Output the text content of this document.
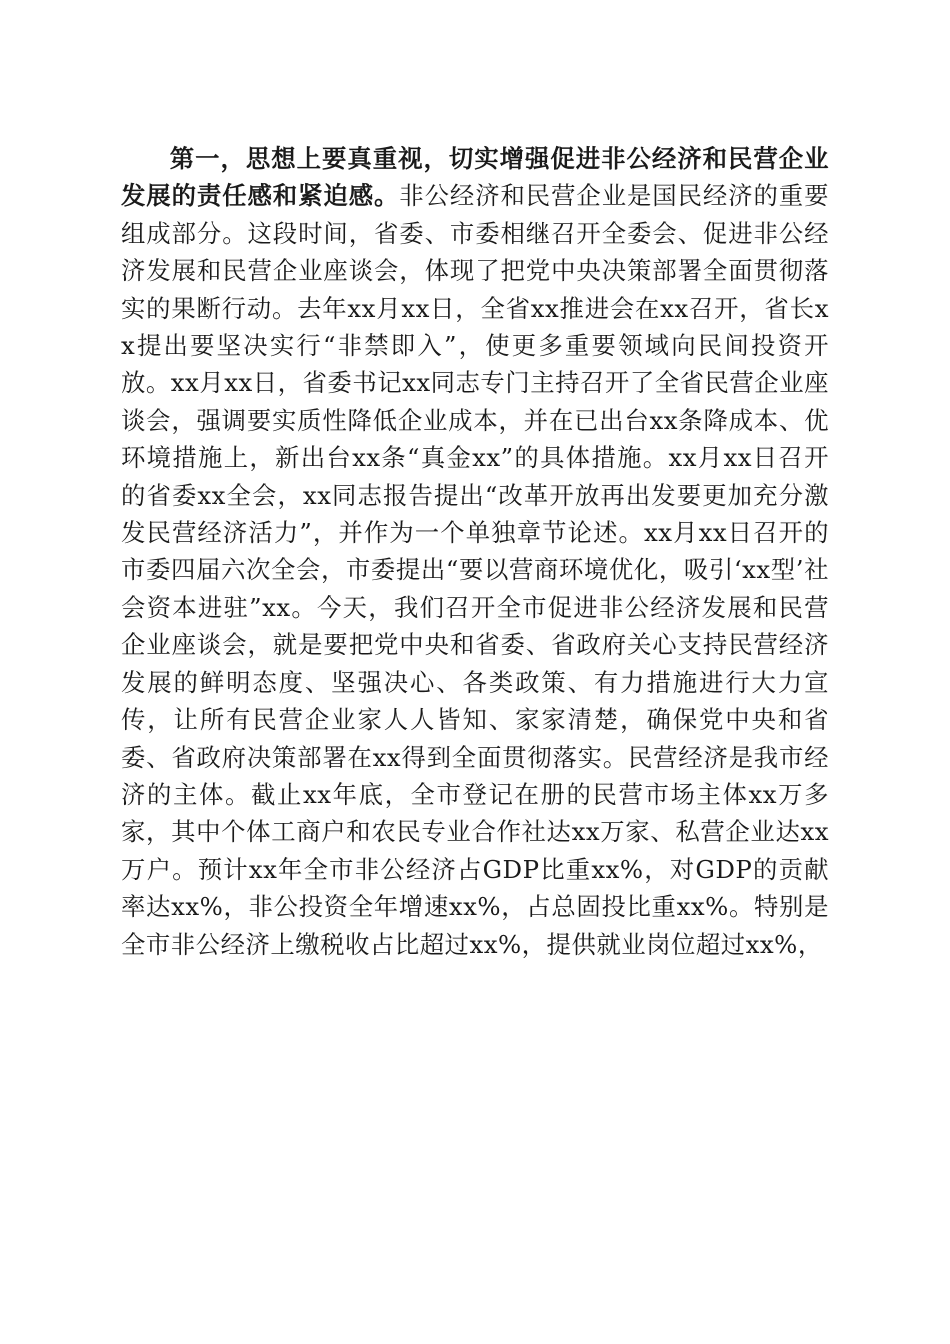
第一，思想上要真重视，切实增强促进非公经济和民营企业发展的责任感和紧迫感。非公经济和民营企业是国民经济的重要组成部分。这段时间，省委、市委相继召开全委会、促进非公经济发展和民营企业座谈会，体现了把党中央决策部署全面贯彻落实的果断行动。去年xx月xx日，全省xx推进会在xx召开，省长xx提出要坚决实行“非禁即入”，使更多重要领域向民间投资开放。xx月xx日，省委书记xx同志专门主持召开了全省民营企业座谈会，强调要实质性降低企业成本，并在已出台xx条降成本、优环境措施上，新出台xx条“真金xx”的具体措施。xx月xx日召开的省委xx全会，xx同志报告提出“改革开放再出发要更加充分激发民营经济活力”，并作为一个单独章节论述。xx月xx日召开的市委四届六次全会，市委提出“要以营商环境优化，吸引‘xx型’社会资本进驻”xx。今天，我们召开全市促进非公经济发展和民营企业座谈会，就是要把党中央和省委、省政府关心支持民营经济发展的鲜明态度、坚强决心、各类政策、有力措施进行大力宣传，让所有民营企业家人人皆知、家家清楚，确保党中央和省委、省政府决策部署在xx得到全面贯彻落实。民营经济是我市经济的主体。截止xx年底，全市登记在册的民营市场主体xx万多家，其中个体工商户和农民专业合作社达xx万家、私营企业达xx万户。预计xx年全市非公经济占GDP比重xx%，对GDP的贡献率达xx%，非公投资全年增速xx%，占总固投比重xx%。特别是全市非公经济上缴税收占比超过xx%，提供就业岗位超过xx%，
